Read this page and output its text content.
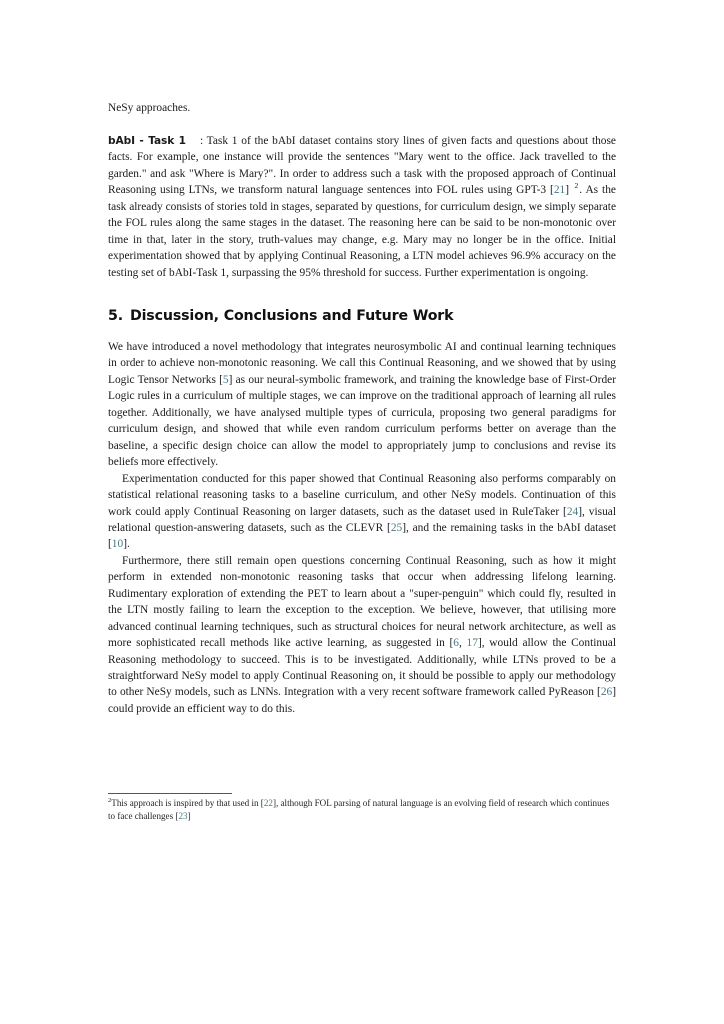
NeSy approaches.

bAbI - Task 1 : Task 1 of the bAbI dataset contains story lines of given facts and questions about those facts. For example, one instance will provide the sentences "Mary went to the office. Jack travelled to the garden." and ask "Where is Mary?". In order to address such a task with the proposed approach of Continual Reasoning using LTNs, we transform natural language sentences into FOL rules using GPT-3 [21] $^2$. As the task already consists of stories told in stages, separated by questions, for curriculum design, we simply separate the FOL rules along the same stages in the dataset. The reasoning here can be said to be non-monotonic over time in that, later in the story, truth-values may change, e.g. Mary may no longer be in the office. Initial experimentation showed that by applying Continual Reasoning, a LTN model achieves 96.9% accuracy on the testing set of bAbI-Task 1, surpassing the 95% threshold for success. Further experimentation is ongoing.

5. Discussion, Conclusions and Future Work

We have introduced a novel methodology that integrates neurosymbolic AI and continual learning techniques in order to achieve non-monotonic reasoning. We call this Continual Reasoning, and we showed that by using Logic Tensor Networks [5] as our neural-symbolic framework, and training the knowledge base of First-Order Logic rules in a curriculum of multiple stages, we can improve on the traditional approach of learning all rules together. Additionally, we have analysed multiple types of curricula, proposing two general paradigms for curriculum design, and showed that while even random curriculum performs better on average than the baseline, a specific design choice can allow the model to appropriately jump to conclusions and revise its beliefs more effectively.

Experimentation conducted for this paper showed that Continual Reasoning also performs comparably on statistical relational reasoning tasks to a baseline curriculum, and other NeSy models. Continuation of this work could apply Continual Reasoning on larger datasets, such as the dataset used in RuleTaker [24], visual relational question-answering datasets, such as the CLEVR [25], and the remaining tasks in the bAbI dataset [10].

Furthermore, there still remain open questions concerning Continual Reasoning, such as how it might perform in extended non-monotonic reasoning tasks that occur when addressing lifelong learning. Rudimentary exploration of extending the PET to learn about a "super-penguin" which could fly, resulted in the LTN mostly failing to learn the exception to the exception. We believe, however, that utilising more advanced continual learning techniques, such as structural choices for neural network architecture, as well as more sophisticated recall methods like active learning, as suggested in [6, 17], would allow the Continual Reasoning methodology to succeed. This is to be investigated. Additionally, while LTNs proved to be a straightforward NeSy model to apply Continual Reasoning on, it should be possible to apply our methodology to other NeSy models, such as LNNs. Integration with a very recent software framework called PyReason [26] could provide an efficient way to do this.

$^2$This approach is inspired by that used in [22], although FOL parsing of natural language is an evolving field of research which continues to face challenges [23]
